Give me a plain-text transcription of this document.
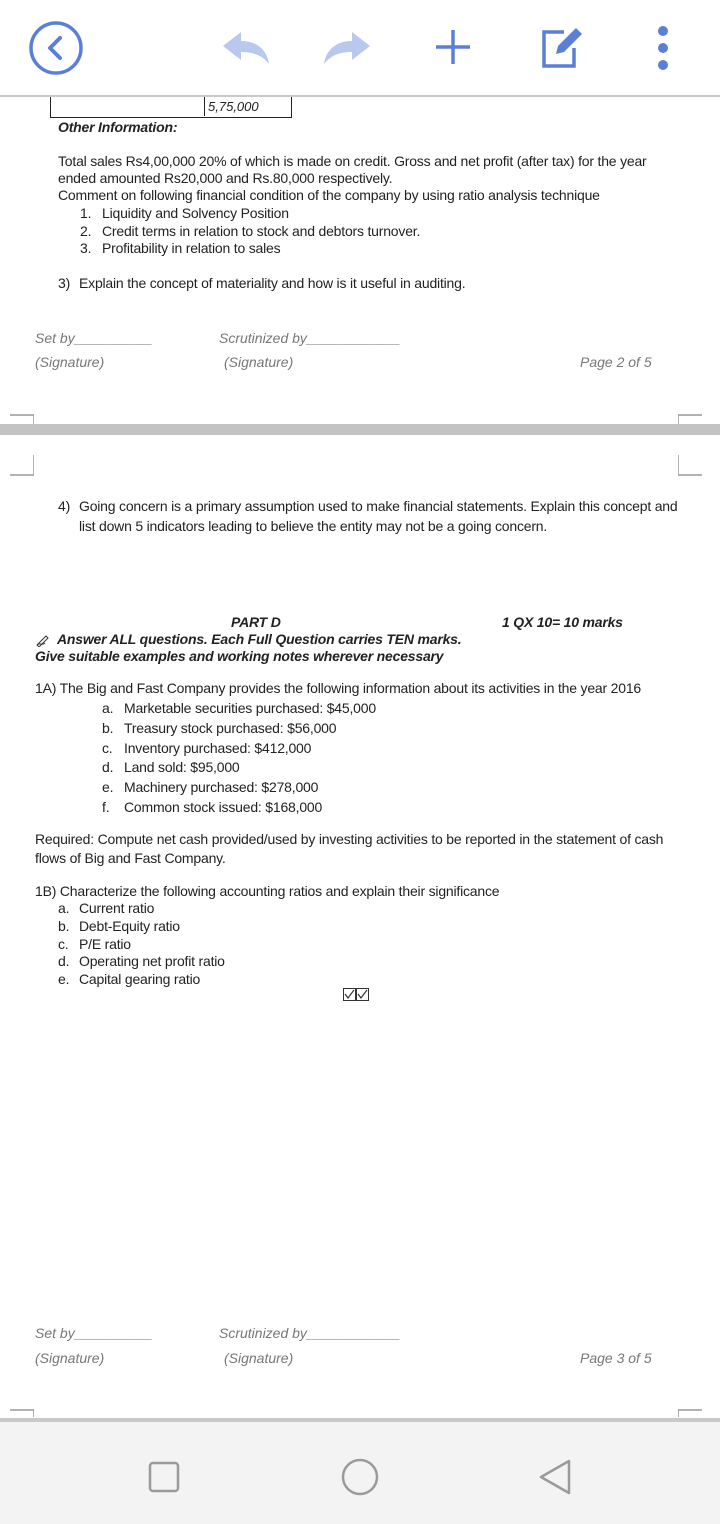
5,75,000
Other Information:
Total sales Rs4,00,000 20% of which is made on credit. Gross and net profit (after tax) for the year
ended amounted Rs20,000 and Rs.80,000 respectively.
Comment on following financial condition of the company by using ratio analysis technique
1. Liquidity and Solvency Position
2. Credit terms in relation to stock and debtors turnover.
3. Profitability in relation to sales
3) Explain the concept of materiality and how is it useful in auditing.
Set by__________	Scrutinized by____________
(Signature)	(Signature)	Page 2 of 5
4) Going concern is a primary assumption used to make financial statements. Explain this concept and
list down 5 indicators leading to believe the entity may not be a going concern.
PART D	1 QX 10= 10 marks
Answer ALL questions. Each Full Question carries TEN marks.
Give suitable examples and working notes wherever necessary
1A) The Big and Fast Company provides the following information about its activities in the year 2016
a. Marketable securities purchased: $45,000
b. Treasury stock purchased: $56,000
c. Inventory purchased: $412,000
d. Land sold: $95,000
e. Machinery purchased: $278,000
f. Common stock issued: $168,000
Required: Compute net cash provided/used by investing activities to be reported in the statement of cash
flows of Big and Fast Company.
1B) Characterize the following accounting ratios and explain their significance
a. Current ratio
b. Debt-Equity ratio
c. P/E ratio
d. Operating net profit ratio
e. Capital gearing ratio
Set by__________	Scrutinized by____________
(Signature)	(Signature)	Page 3 of 5
